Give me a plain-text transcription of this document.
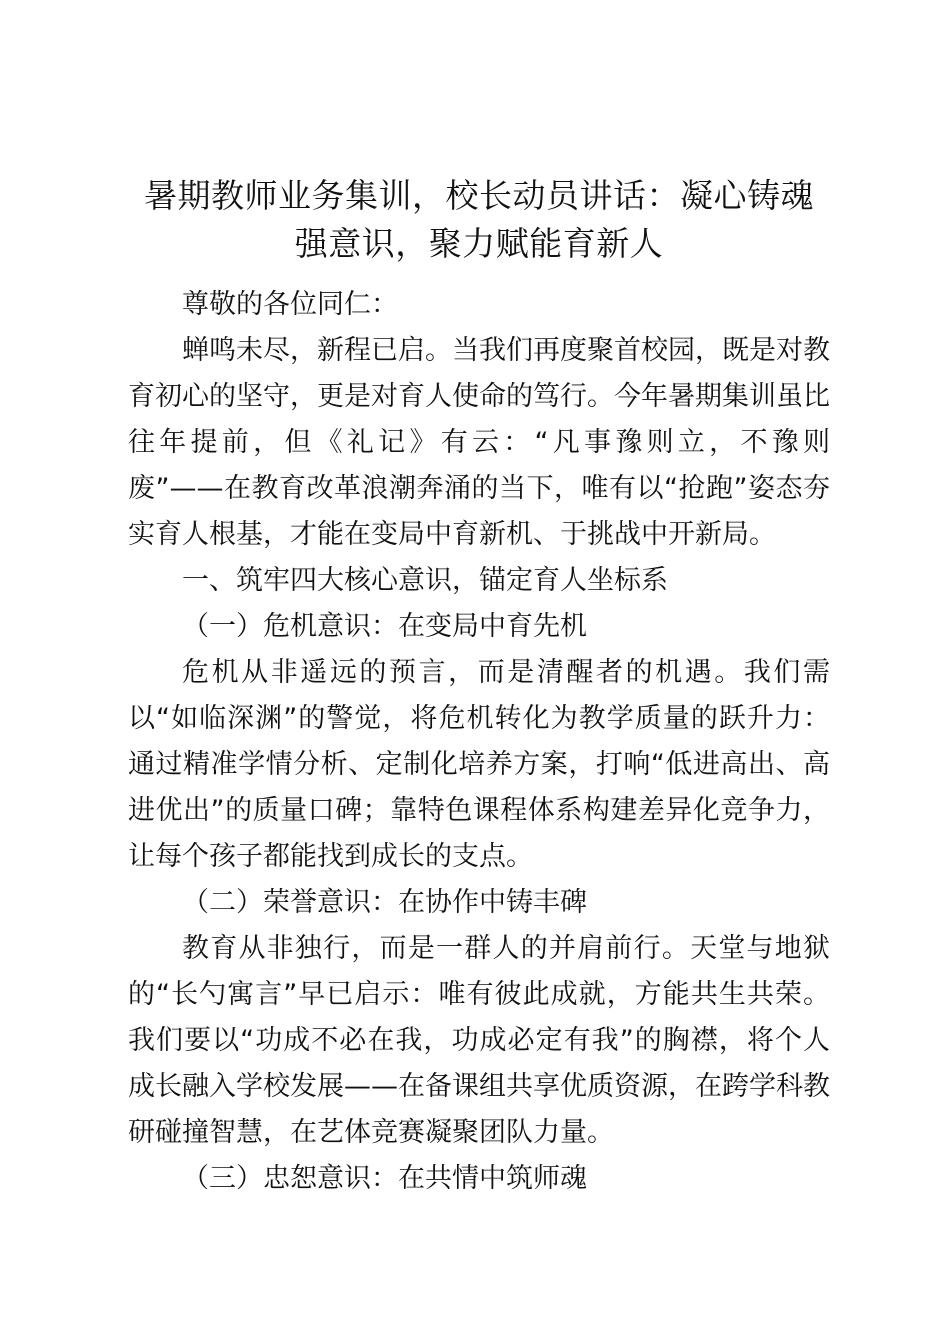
暑期教师业务集训，校长动员讲话：凝心铸魂
强意识，聚力赋能育新人

尊敬的各位同仁：

蝉鸣未尽，新程已启。当我们再度聚首校园，既是对教育初心的坚守，更是对育人使命的笃行。今年暑期集训虽比往年提前，但《礼记》有云：“凡事豫则立，不豫则废”——在教育改革浪潮奔涌的当下，唯有以“抢跑”姿态夯实育人根基，才能在变局中育新机、于挑战中开新局。

一、筑牢四大核心意识，锚定育人坐标系

（一）危机意识：在变局中育先机

危机从非遥远的预言，而是清醒者的机遇。我们需以“如临深渊”的警觉，将危机转化为教学质量的跃升力：通过精准学情分析、定制化培养方案，打响“低进高出、高进优出”的质量口碑；靠特色课程体系构建差异化竞争力，让每个孩子都能找到成长的支点。

（二）荣誉意识：在协作中铸丰碑

教育从非独行，而是一群人的并肩前行。天堂与地狱的“长勺寓言”早已启示：唯有彼此成就，方能共生共荣。我们要以“功成不必在我，功成必定有我”的胸襟，将个人成长融入学校发展——在备课组共享优质资源，在跨学科教研碰撞智慧，在艺体竞赛凝聚团队力量。

（三）忠恕意识：在共情中筑师魂
